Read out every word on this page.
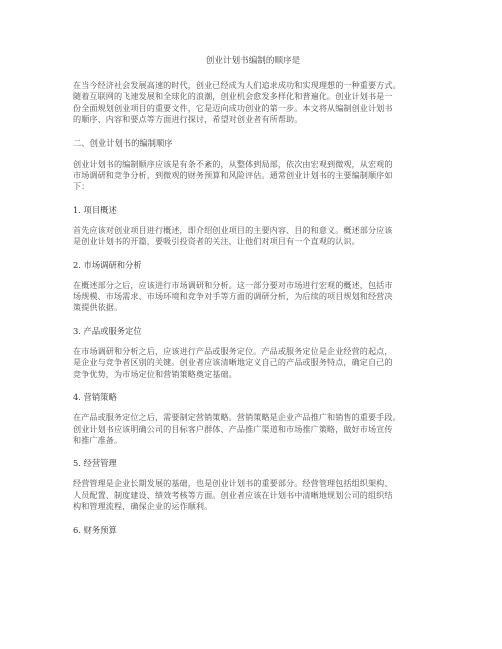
创业计划书编制的顺序是
在当今经济社会发展高速的时代，创业已经成为人们追求成功和实现理想的一种重要方式。
随着互联网的飞速发展和全球化的浪潮，创业机会愈发多样化和普遍化。创业计划书是一
份全面规划创业项目的重要文件，它是迈向成功创业的第一步。本文将从编制创业计划书
的顺序、内容和要点等方面进行探讨，希望对创业者有所帮助。
二、创业计划书的编制顺序
创业计划书的编制顺序应该是有条不紊的，从整体到局部，依次由宏观到微观，从宏观的
市场调研和竞争分析，到微观的财务预算和风险评估。通常创业计划书的主要编制顺序如
下：
1. 项目概述
首先应该对创业项目进行概述，即介绍创业项目的主要内容、目的和意义。概述部分应该
是创业计划书的开篇，要吸引投资者的关注，让他们对项目有一个直观的认识。
2. 市场调研和分析
在概述部分之后，应该进行市场调研和分析。这一部分要对市场进行宏观的概述，包括市
场规模、市场需求、市场环境和竞争对手等方面的调研分析，为后续的项目规划和经营决
策提供依据。
3. 产品或服务定位
在市场调研和分析之后，应该进行产品或服务定位。产品或服务定位是企业经营的起点，
是企业与竞争者区别的关键。创业者应该清晰地定义自己的产品或服务特点，确定自己的
竞争优势，为市场定位和营销策略奠定基础。
4. 营销策略
在产品或服务定位之后，需要制定营销策略。营销策略是企业产品推广和销售的重要手段。
创业计划书应该明确公司的目标客户群体、产品推广渠道和市场推广策略，做好市场宣传
和推广准备。
5. 经营管理
经营管理是企业长期发展的基础，也是创业计划书的重要部分。经营管理包括组织架构、
人员配置、制度建设、绩效考核等方面。创业者应该在计划书中清晰地规划公司的组织结
构和管理流程，确保企业的运作顺利。
6. 财务预算
